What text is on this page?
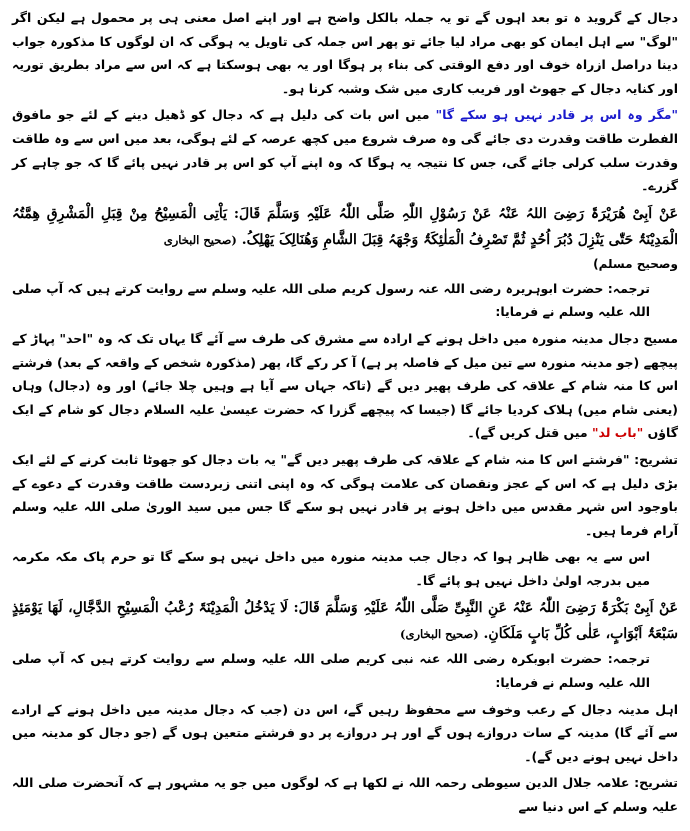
دجال کے گروید ہ تو بعد اہوں گے تو یہ جملہ بالکل واضح ہے اور اپنے اصل معنی ہی پر محمول ہے لیکن اگر "لوگ" سے اہل ایمان کو بھی مراد لیا جائے تو پھر اس جملہ کی تاویل یہ ہوگی کہ ان لوگوں کا مذکورہ جواب دینا دراصل ازراہ خوف اور دفع الوقتی کی بناء پر ہوگا اور یہ بھی ہوسکتا ہے کہ اس سے مراد بطریق توریہ اور کنایہ دجال کے جھوٹ اور فریب کاری میں شک وشبہ کرنا ہو۔

"مگر وہ اس پر قادر نہیں ہو سکے گا" میں اس بات کی دلیل ہے کہ دجال کو ڈھیل دینے کے لئے جو مافوق الفطرت طاقت وقدرت دی جائے گی وہ صرف شروع میں کچھ عرصہ کے لئے ہوگی، بعد میں اس سے وہ طاقت وقدرت سلب کرلی جائے گی، جس کا نتیجہ یہ ہوگا کہ وہ اپنے آپ کو اس پر قادر نہیں پائے گا کہ جو چاہے کر گزرے۔

عَنْ اَبِیْ ھُرَیْرَۃَ رَضِیَ اللہُ عَنْہُ عَنْ رَسُوْلِ اللّٰہِ صَلَّی اللّٰہُ عَلَیْہِ وَسَلَّمَ قَالَ: یَاْتِی الْمَسِیْحُ مِنْ قِبَلِ الْمَشْرِقِ ھِمَّتُہُ الْمَدِیْنَۃُ حَتّٰی یَنْزِلَ دُبُرَ اُحُدٍ ثُمَّ تَصْرِفُ الْمَلٰئِکَۃُ وَجْھَہُ قِبَلَ الشَّامِ وَھُنَالِکَ یَھْلِکُ. (صحیح البخاری

وصحیح مسلم)

ترجمہ: حضرت ابوہریرہ رضی اللہ عنہ رسول کریم صلی اللہ علیہ وسلم سے روایت کرتے ہیں کہ آپ صلی اللہ علیہ وسلم نے فرمایا:

مسیح دجال مدینہ منورہ میں داخل ہونے کے ارادہ سے مشرق کی طرف سے آئے گا یہاں تک کہ وہ "احد" پہاڑ کے پیچھے (جو مدینہ منورہ سے تین میل کے فاصلہ پر ہے) آ کر رکے گا، پھر (مذکورہ شخص کے واقعہ کے بعد) فرشتے اس کا منہ شام کے علاقہ کی طرف پھیر دیں گے (تاکہ جہاں سے آیا ہے وہیں چلا جائے) اور وہ (دجال) وہاں (یعنی شام میں) ہلاک کردیا جائے گا (جیسا کہ پیچھے گزرا کہ حضرت عیسیٰ علیہ السلام دجال کو شام کے ایک گاؤں "باب لد" میں قتل کریں گے)۔

تشریح: "فرشتے اس کا منہ شام کے علاقہ کی طرف پھیر دیں گے" یہ بات دجال کو جھوٹا ثابت کرنے کے لئے ایک بڑی دلیل ہے کہ اس کے عجز ونقصان کی علامت ہوگی کہ وہ اپنی اتنی زبردست طاقت وقدرت کے دعوے کے باوجود اس شہر مقدس میں داخل ہونے پر قادر نہیں ہو سکے گا جس میں سید الوریٰ صلی اللہ علیہ وسلم آرام فرما ہیں۔

اس سے یہ بھی ظاہر ہوا کہ دجال جب مدینہ منورہ میں داخل نہیں ہو سکے گا تو حرم پاک مکہ مکرمہ میں بدرجہ اولیٰ داخل نہیں ہو پائے گا۔

عَنْ اَبِیْ بَکْرَۃَ رَضِیَ اللّٰہُ عَنْہُ عَنِ النَّبِیِّ صَلَّی اللّٰہُ عَلَیْہِ وَسَلَّمَ قَالَ: لَا یَدْخُلُ الْمَدِیْنَۃَ رُعْبُ الْمَسِیْحِ الدَّجَّالِ، لَھَا یَوْمَئِذٍ سَبْعَۃُ اَبْوَابٍ، عَلٰی کُلِّ بَابٍ مَلَکَانِ. (صحیح البخاری)

ترجمہ: حضرت ابوبکرہ رضی اللہ عنہ نبی کریم صلی اللہ علیہ وسلم سے روایت کرتے ہیں کہ آپ صلی اللہ علیہ وسلم نے فرمایا:

اہل مدینہ دجال کے رعب وخوف سے محفوظ رہیں گے، اس دن (جب کہ دجال مدینہ میں داخل ہونے کے ارادے سے آئے گا) مدینہ کے سات دروازے ہوں گے اور ہر دروازے پر دو فرشتے متعین ہوں گے (جو دجال کو مدینہ میں داخل نہیں ہونے دیں گے)۔

تشریح: علامہ جلال الدین سیوطی رحمہ اللہ نے لکھا ہے کہ لوگوں میں جو یہ مشہور ہے کہ آنحضرت صلی اللہ علیہ وسلم کے اس دنیا سے
